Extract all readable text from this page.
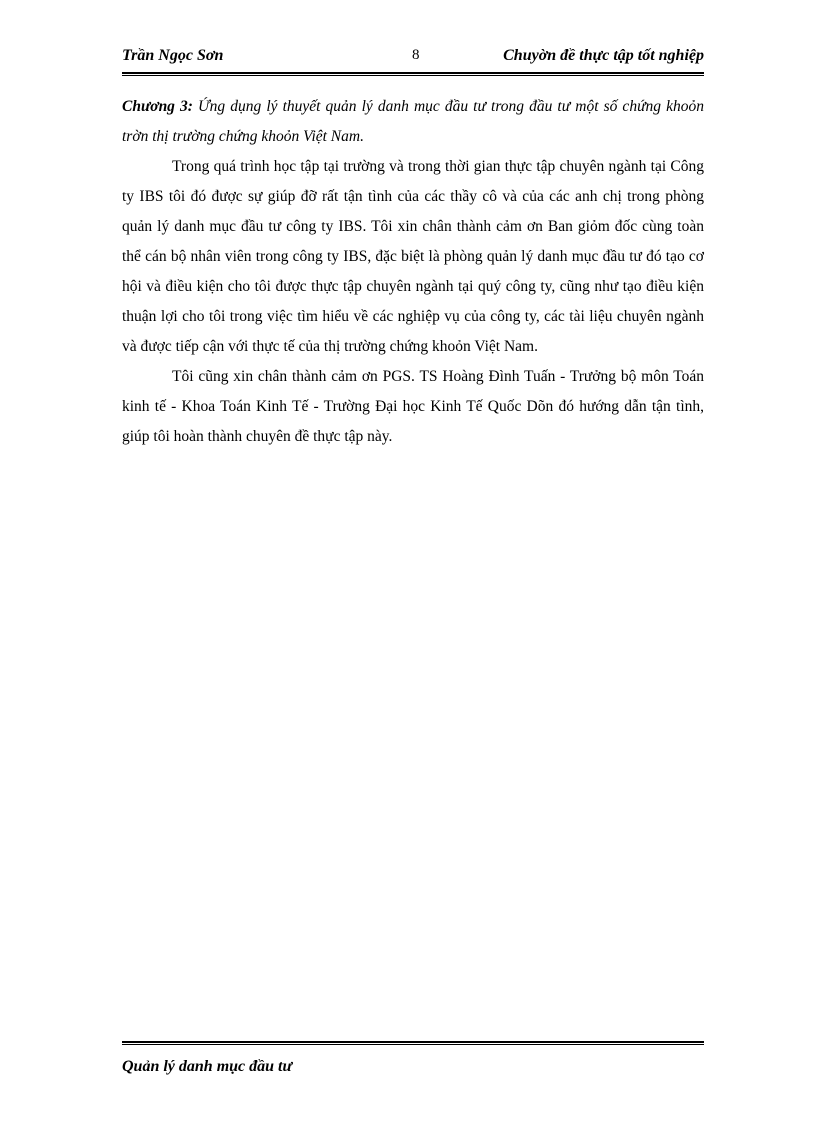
Trần Ngọc Sơn	8	Chuyờn đề thực tập tốt nghiệp

Chương 3: Ứng dụng lý thuyết quản lý danh mục đầu tư trong đầu tư một số chứng khoỏn trờn thị trường chứng khoỏn Việt Nam.

Trong quá trình học tập tại trường và trong thời gian thực tập chuyên ngành tại Công ty IBS tôi đó được sự giúp đỡ rất tận tình của các thầy cô và của các anh chị trong phòng quản lý danh mục đầu tư công ty IBS. Tôi xin chân thành cảm ơn Ban giỏm đốc cùng toàn thể cán bộ nhân viên trong công ty IBS, đặc biệt là phòng quản lý danh mục đầu tư đó tạo cơ hội và điều kiện cho tôi được thực tập chuyên ngành tại quý công ty, cũng như tạo điều kiện thuận lợi cho tôi trong việc tìm hiểu về các nghiệp vụ của công ty, các tài liệu chuyên ngành và được tiếp cận với thực tế của thị trường chứng khoỏn Việt Nam.

Tôi cũng xin chân thành cảm ơn PGS. TS Hoàng Đình Tuấn - Trưởng bộ môn Toán kinh tế - Khoa Toán Kinh Tế - Trường Đại học Kinh Tế Quốc Dõn đó hướng dẫn tận tình, giúp tôi hoàn thành chuyên đề thực tập này.

Quản lý danh mục đầu tư
